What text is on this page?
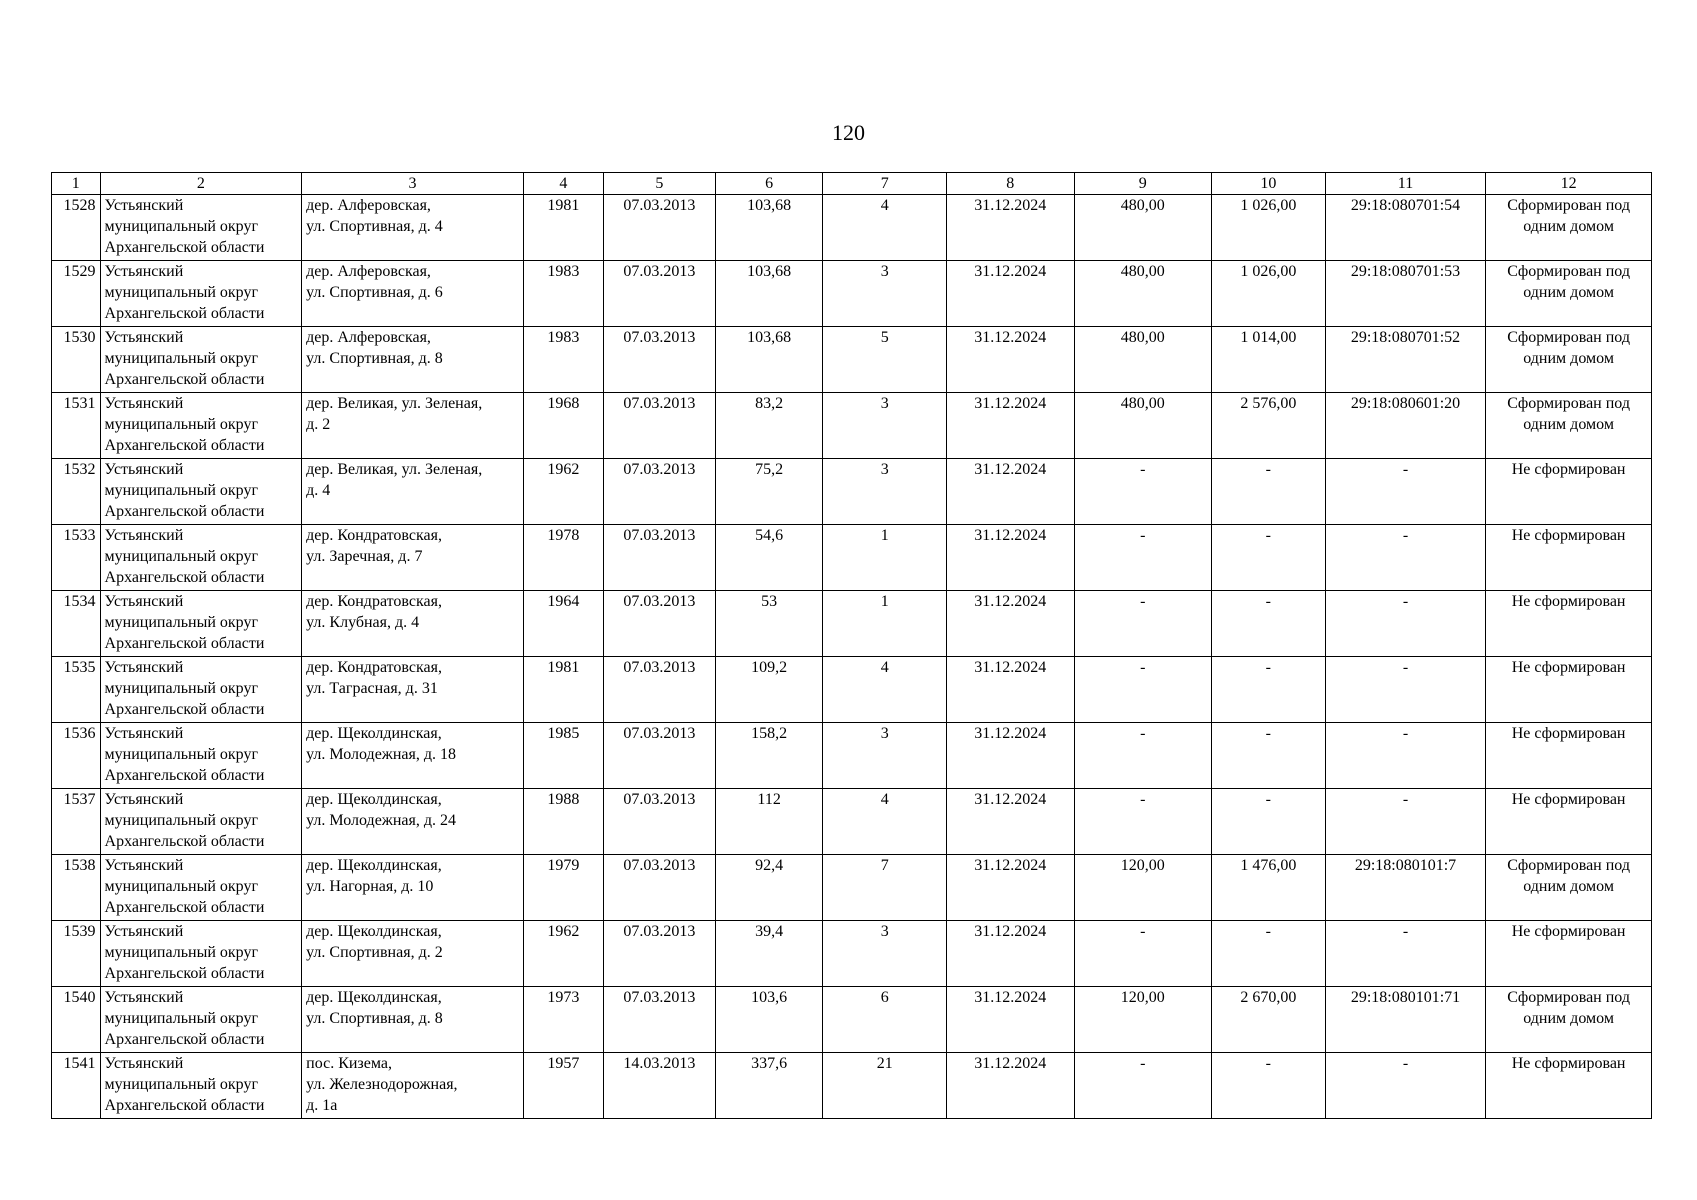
120
1	2	3	4	5	6	7	8	9	10	11	12
1528	Устьянский
муниципальный округ
Архангельской области	дер. Алферовская,
ул. Спортивная, д. 4	1981	07.03.2013	103,68	4	31.12.2024	480,00	1 026,00	29:18:080701:54	Сформирован под
одним домом
1529	Устьянский
муниципальный округ
Архангельской области	дер. Алферовская,
ул. Спортивная, д. 6	1983	07.03.2013	103,68	3	31.12.2024	480,00	1 026,00	29:18:080701:53	Сформирован под
одним домом
1530	Устьянский
муниципальный округ
Архангельской области	дер. Алферовская,
ул. Спортивная, д. 8	1983	07.03.2013	103,68	5	31.12.2024	480,00	1 014,00	29:18:080701:52	Сформирован под
одним домом
1531	Устьянский
муниципальный округ
Архангельской области	дер. Великая, ул. Зеленая,
д. 2	1968	07.03.2013	83,2	3	31.12.2024	480,00	2 576,00	29:18:080601:20	Сформирован под
одним домом
1532	Устьянский
муниципальный округ
Архангельской области	дер. Великая, ул. Зеленая,
д. 4	1962	07.03.2013	75,2	3	31.12.2024	-	-	-	Не сформирован
1533	Устьянский
муниципальный округ
Архангельской области	дер. Кондратовская,
ул. Заречная, д. 7	1978	07.03.2013	54,6	1	31.12.2024	-	-	-	Не сформирован
1534	Устьянский
муниципальный округ
Архангельской области	дер. Кондратовская,
ул. Клубная, д. 4	1964	07.03.2013	53	1	31.12.2024	-	-	-	Не сформирован
1535	Устьянский
муниципальный округ
Архангельской области	дер. Кондратовская,
ул. Таграсная, д. 31	1981	07.03.2013	109,2	4	31.12.2024	-	-	-	Не сформирован
1536	Устьянский
муниципальный округ
Архангельской области	дер. Щеколдинская,
ул. Молодежная, д. 18	1985	07.03.2013	158,2	3	31.12.2024	-	-	-	Не сформирован
1537	Устьянский
муниципальный округ
Архангельской области	дер. Щеколдинская,
ул. Молодежная, д. 24	1988	07.03.2013	112	4	31.12.2024	-	-	-	Не сформирован
1538	Устьянский
муниципальный округ
Архангельской области	дер. Щеколдинская,
ул. Нагорная, д. 10	1979	07.03.2013	92,4	7	31.12.2024	120,00	1 476,00	29:18:080101:7	Сформирован под
одним домом
1539	Устьянский
муниципальный округ
Архангельской области	дер. Щеколдинская,
ул. Спортивная, д. 2	1962	07.03.2013	39,4	3	31.12.2024	-	-	-	Не сформирован
1540	Устьянский
муниципальный округ
Архангельской области	дер. Щеколдинская,
ул. Спортивная, д. 8	1973	07.03.2013	103,6	6	31.12.2024	120,00	2 670,00	29:18:080101:71	Сформирован под
одним домом
1541	Устьянский
муниципальный округ
Архангельской области	пос. Кизема,
ул. Железнодорожная,
д. 1а	1957	14.03.2013	337,6	21	31.12.2024	-	-	-	Не сформирован
